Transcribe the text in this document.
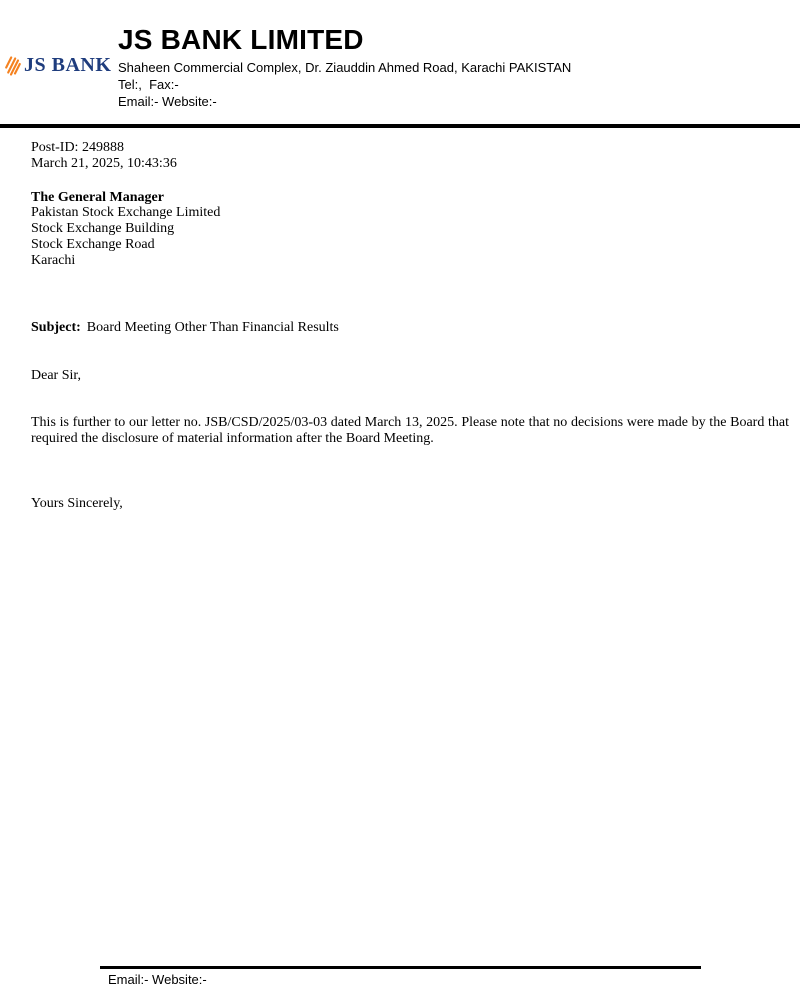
JS BANK
JS BANK LIMITED
Shaheen Commercial Complex, Dr. Ziauddin Ahmed Road, Karachi PAKISTAN
Tel:,  Fax:-
Email:- Website:-
Post-ID: 249888
March 21, 2025, 10:43:36
The General Manager
Pakistan Stock Exchange Limited
Stock Exchange Building
Stock Exchange Road
Karachi
Subject: Board Meeting Other Than Financial Results
Dear Sir,
This is further to our letter no. JSB/CSD/2025/03-03 dated March 13, 2025. Please note that no decisions were made by the Board that required the disclosure of material information after the Board Meeting.
Yours Sincerely,
Email:- Website:-
